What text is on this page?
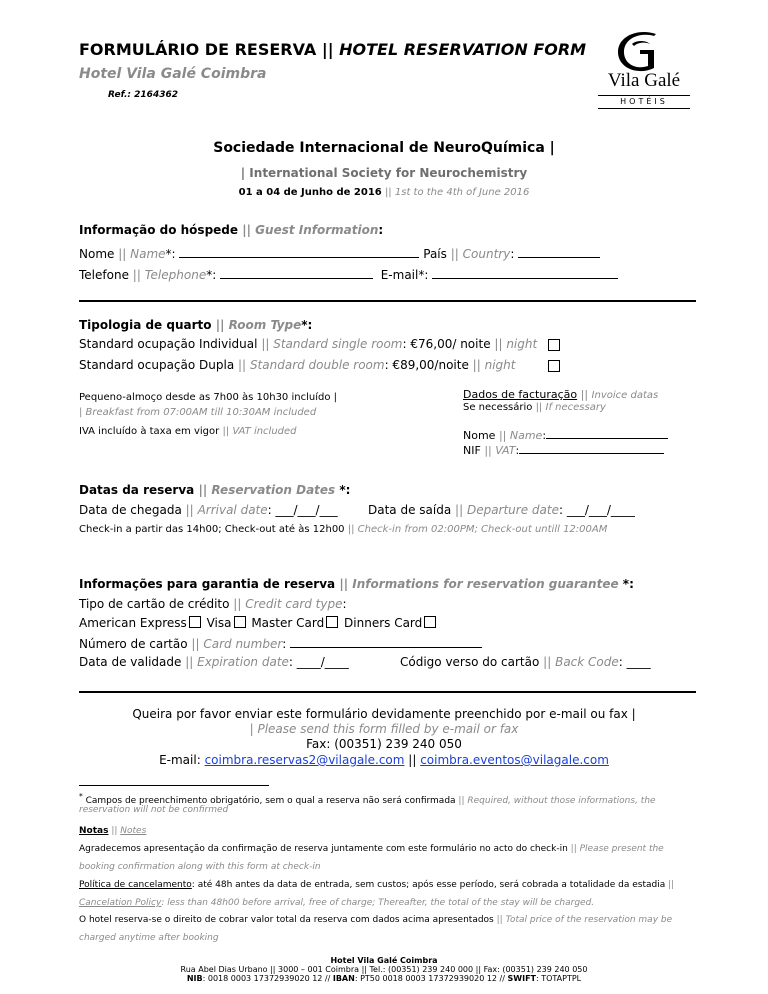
FORMULÁRIO DE RESERVA || HOTEL RESERVATION FORM
Hotel Vila Galé Coimbra
Ref.: 2164362
Vila Galé
HOTÉIS
Sociedade Internacional de NeuroQuímica |
| International Society for Neurochemistry
01 a 04 de Junho de 2016 || 1st to the 4th of June 2016
Informação do hóspede || Guest Information:
Nome || Name*:	País || Country:
Telefone || Telephone*:	E-mail*:
Tipologia de quarto || Room Type*:
Standard ocupação Individual || Standard single room: €76,00/ noite || night
Standard ocupação Dupla || Standard double room: €89,00/noite || night
Pequeno-almoço desde as 7h00 às 10h30 incluído |
| Breakfast from 07:00AM till 10:30AM included
IVA incluído à taxa em vigor || VAT included
Dados de facturação || Invoice datas
Se necessário || If necessary
Nome || Name:
NIF || VAT:
Datas da reserva || Reservation Dates *:
Data de chegada || Arrival date: ___/___/___	Data de saída || Departure date: ___/___/____
Check-in a partir das 14h00; Check-out até às 12h00 || Check-in from 02:00PM; Check-out untill 12:00AM
Informações para garantia de reserva || Informations for reservation guarantee *:
Tipo de cartão de crédito || Credit card type:
American Express Visa Master Card Dinners Card
Número de cartão || Card number:
Data de validade || Expiration date: ____/____	Código verso do cartão || Back Code: ____
Queira por favor enviar este formulário devidamente preenchido por e-mail ou fax |
| Please send this form filled by e-mail or fax
Fax: (00351) 239 240 050
E-mail: coimbra.reservas2@vilagale.com || coimbra.eventos@vilagale.com
* Campos de preenchimento obrigatório, sem o qual a reserva não será confirmada || Required, without those informations, the
reservation will not be confirmed
Notas || Notes
Agradecemos apresentação da confirmação de reserva juntamente com este formulário no acto do check-in || Please present the
booking confirmation along with this form at check-in
Política de cancelamento: até 48h antes da data de entrada, sem custos; após esse período, será cobrada a totalidade da estadia ||
Cancelation Policy: less than 48h00 before arrival, free of charge; Thereafter, the total of the stay will be charged.
O hotel reserva-se o direito de cobrar valor total da reserva com dados acima apresentados || Total price of the reservation may be
charged anytime after booking
Hotel Vila Galé Coimbra
Rua Abel Dias Urbano || 3000 – 001 Coimbra || Tel.: (00351) 239 240 000 || Fax: (00351) 239 240 050
NIB: 0018 0003 17372939020 12 // IBAN: PT50 0018 0003 17372939020 12 // SWIFT: TOTAPTPL
